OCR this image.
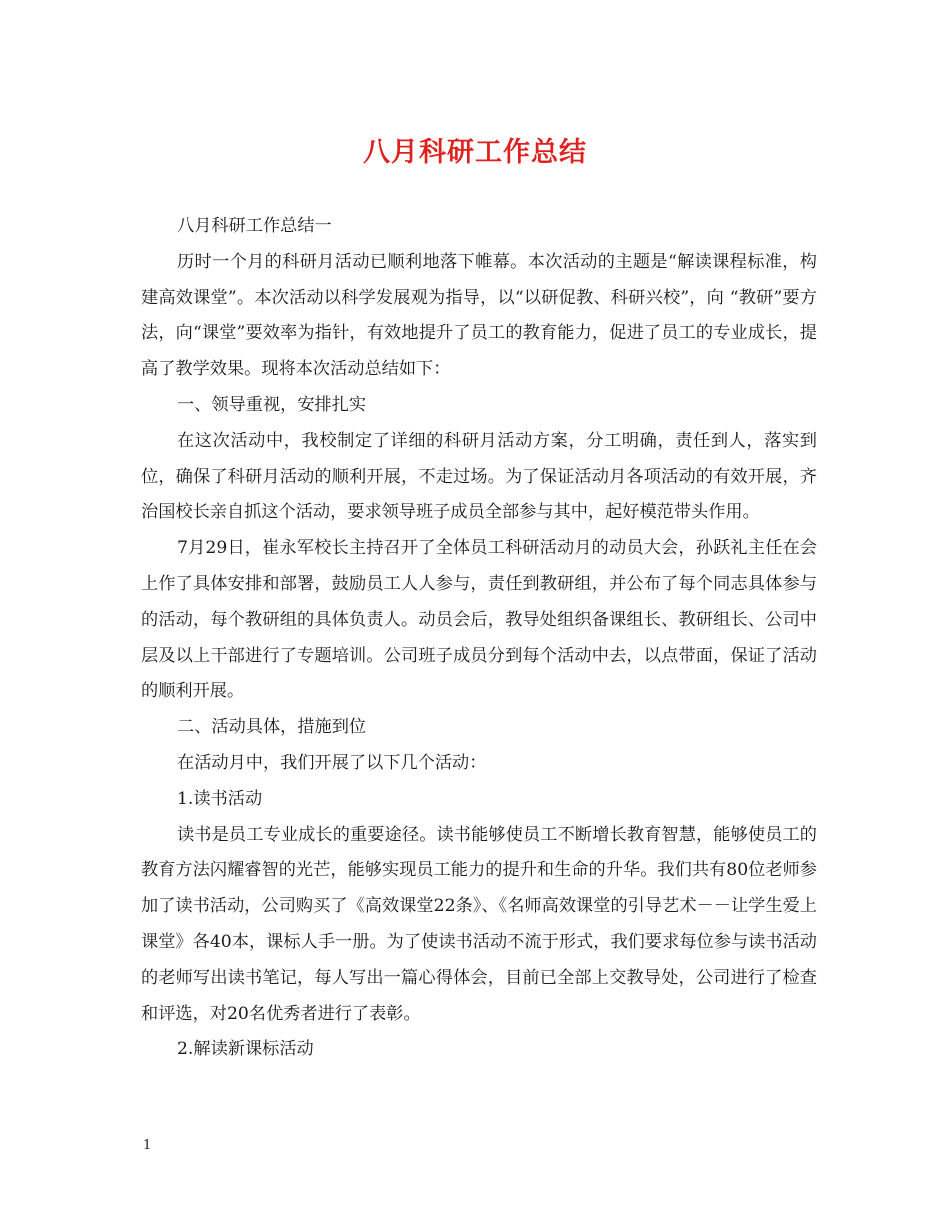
八月科研工作总结

八月科研工作总结一

历时一个月的科研月活动已顺利地落下帷幕。本次活动的主题是“解读课程标准，构建高效课堂”。本次活动以科学发展观为指导，以“以研促教、科研兴校”，向 “教研”要方法，向“课堂”要效率为指针，有效地提升了员工的教育能力，促进了员工的专业成长，提高了教学效果。现将本次活动总结如下：

一、领导重视，安排扎实

在这次活动中，我校制定了详细的科研月活动方案，分工明确，责任到人，落实到位，确保了科研月活动的顺利开展，不走过场。为了保证活动月各项活动的有效开展，齐治国校长亲自抓这个活动，要求领导班子成员全部参与其中，起好模范带头作用。

7月29日，崔永军校长主持召开了全体员工科研活动月的动员大会，孙跃礼主任在会上作了具体安排和部署，鼓励员工人人参与，责任到教研组，并公布了每个同志具体参与的活动，每个教研组的具体负责人。动员会后，教导处组织备课组长、教研组长、公司中层及以上干部进行了专题培训。公司班子成员分到每个活动中去，以点带面，保证了活动的顺利开展。

二、活动具体，措施到位

在活动月中，我们开展了以下几个活动：

1.读书活动

读书是员工专业成长的重要途径。读书能够使员工不断增长教育智慧，能够使员工的教育方法闪耀睿智的光芒，能够实现员工能力的提升和生命的升华。我们共有80位老师参加了读书活动，公司购买了《高效课堂22条》、《名师高效课堂的引导艺术－－让学生爱上课堂》各40本，课标人手一册。为了使读书活动不流于形式，我们要求每位参与读书活动的老师写出读书笔记，每人写出一篇心得体会，目前已全部上交教导处，公司进行了检查和评选，对20名优秀者进行了表彰。

2.解读新课标活动

1
